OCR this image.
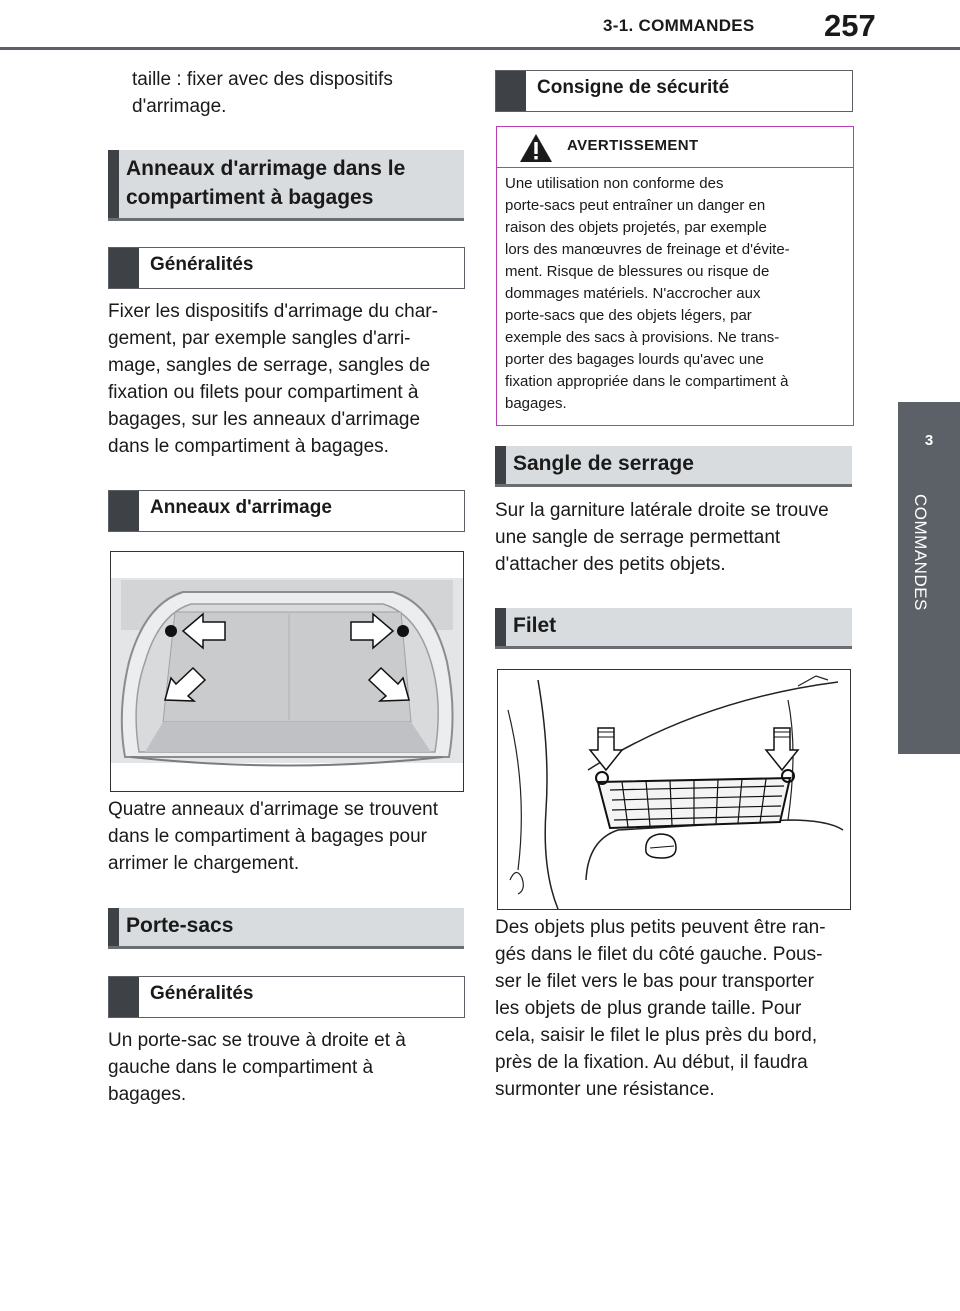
3-1. COMMANDES 257
3
COMMANDES
taille : fixer avec des dispositifs
d'arrimage.
Anneaux d'arrimage dans le
compartiment à bagages
Généralités
Fixer les dispositifs d'arrimage du char-
gement, par exemple sangles d'arri-
mage, sangles de serrage, sangles de
fixation ou filets pour compartiment à
bagages, sur les anneaux d'arrimage
dans le compartiment à bagages.
Anneaux d'arrimage
Quatre anneaux d'arrimage se trouvent
dans le compartiment à bagages pour
arrimer le chargement.
Porte-sacs
Généralités
Un porte-sac se trouve à droite et à
gauche dans le compartiment à
bagages.
Consigne de sécurité
AVERTISSEMENT
Une utilisation non conforme des
porte-sacs peut entraîner un danger en
raison des objets projetés, par exemple
lors des manœuvres de freinage et d'évite-
ment. Risque de blessures ou risque de
dommages matériels. N'accrocher aux
porte-sacs que des objets légers, par
exemple des sacs à provisions. Ne trans-
porter des bagages lourds qu'avec une
fixation appropriée dans le compartiment à
bagages.
Sangle de serrage
Sur la garniture latérale droite se trouve
une sangle de serrage permettant
d'attacher des petits objets.
Filet
Des objets plus petits peuvent être ran-
gés dans le filet du côté gauche. Pous-
ser le filet vers le bas pour transporter
les objets de plus grande taille. Pour
cela, saisir le filet le plus près du bord,
près de la fixation. Au début, il faudra
surmonter une résistance.
